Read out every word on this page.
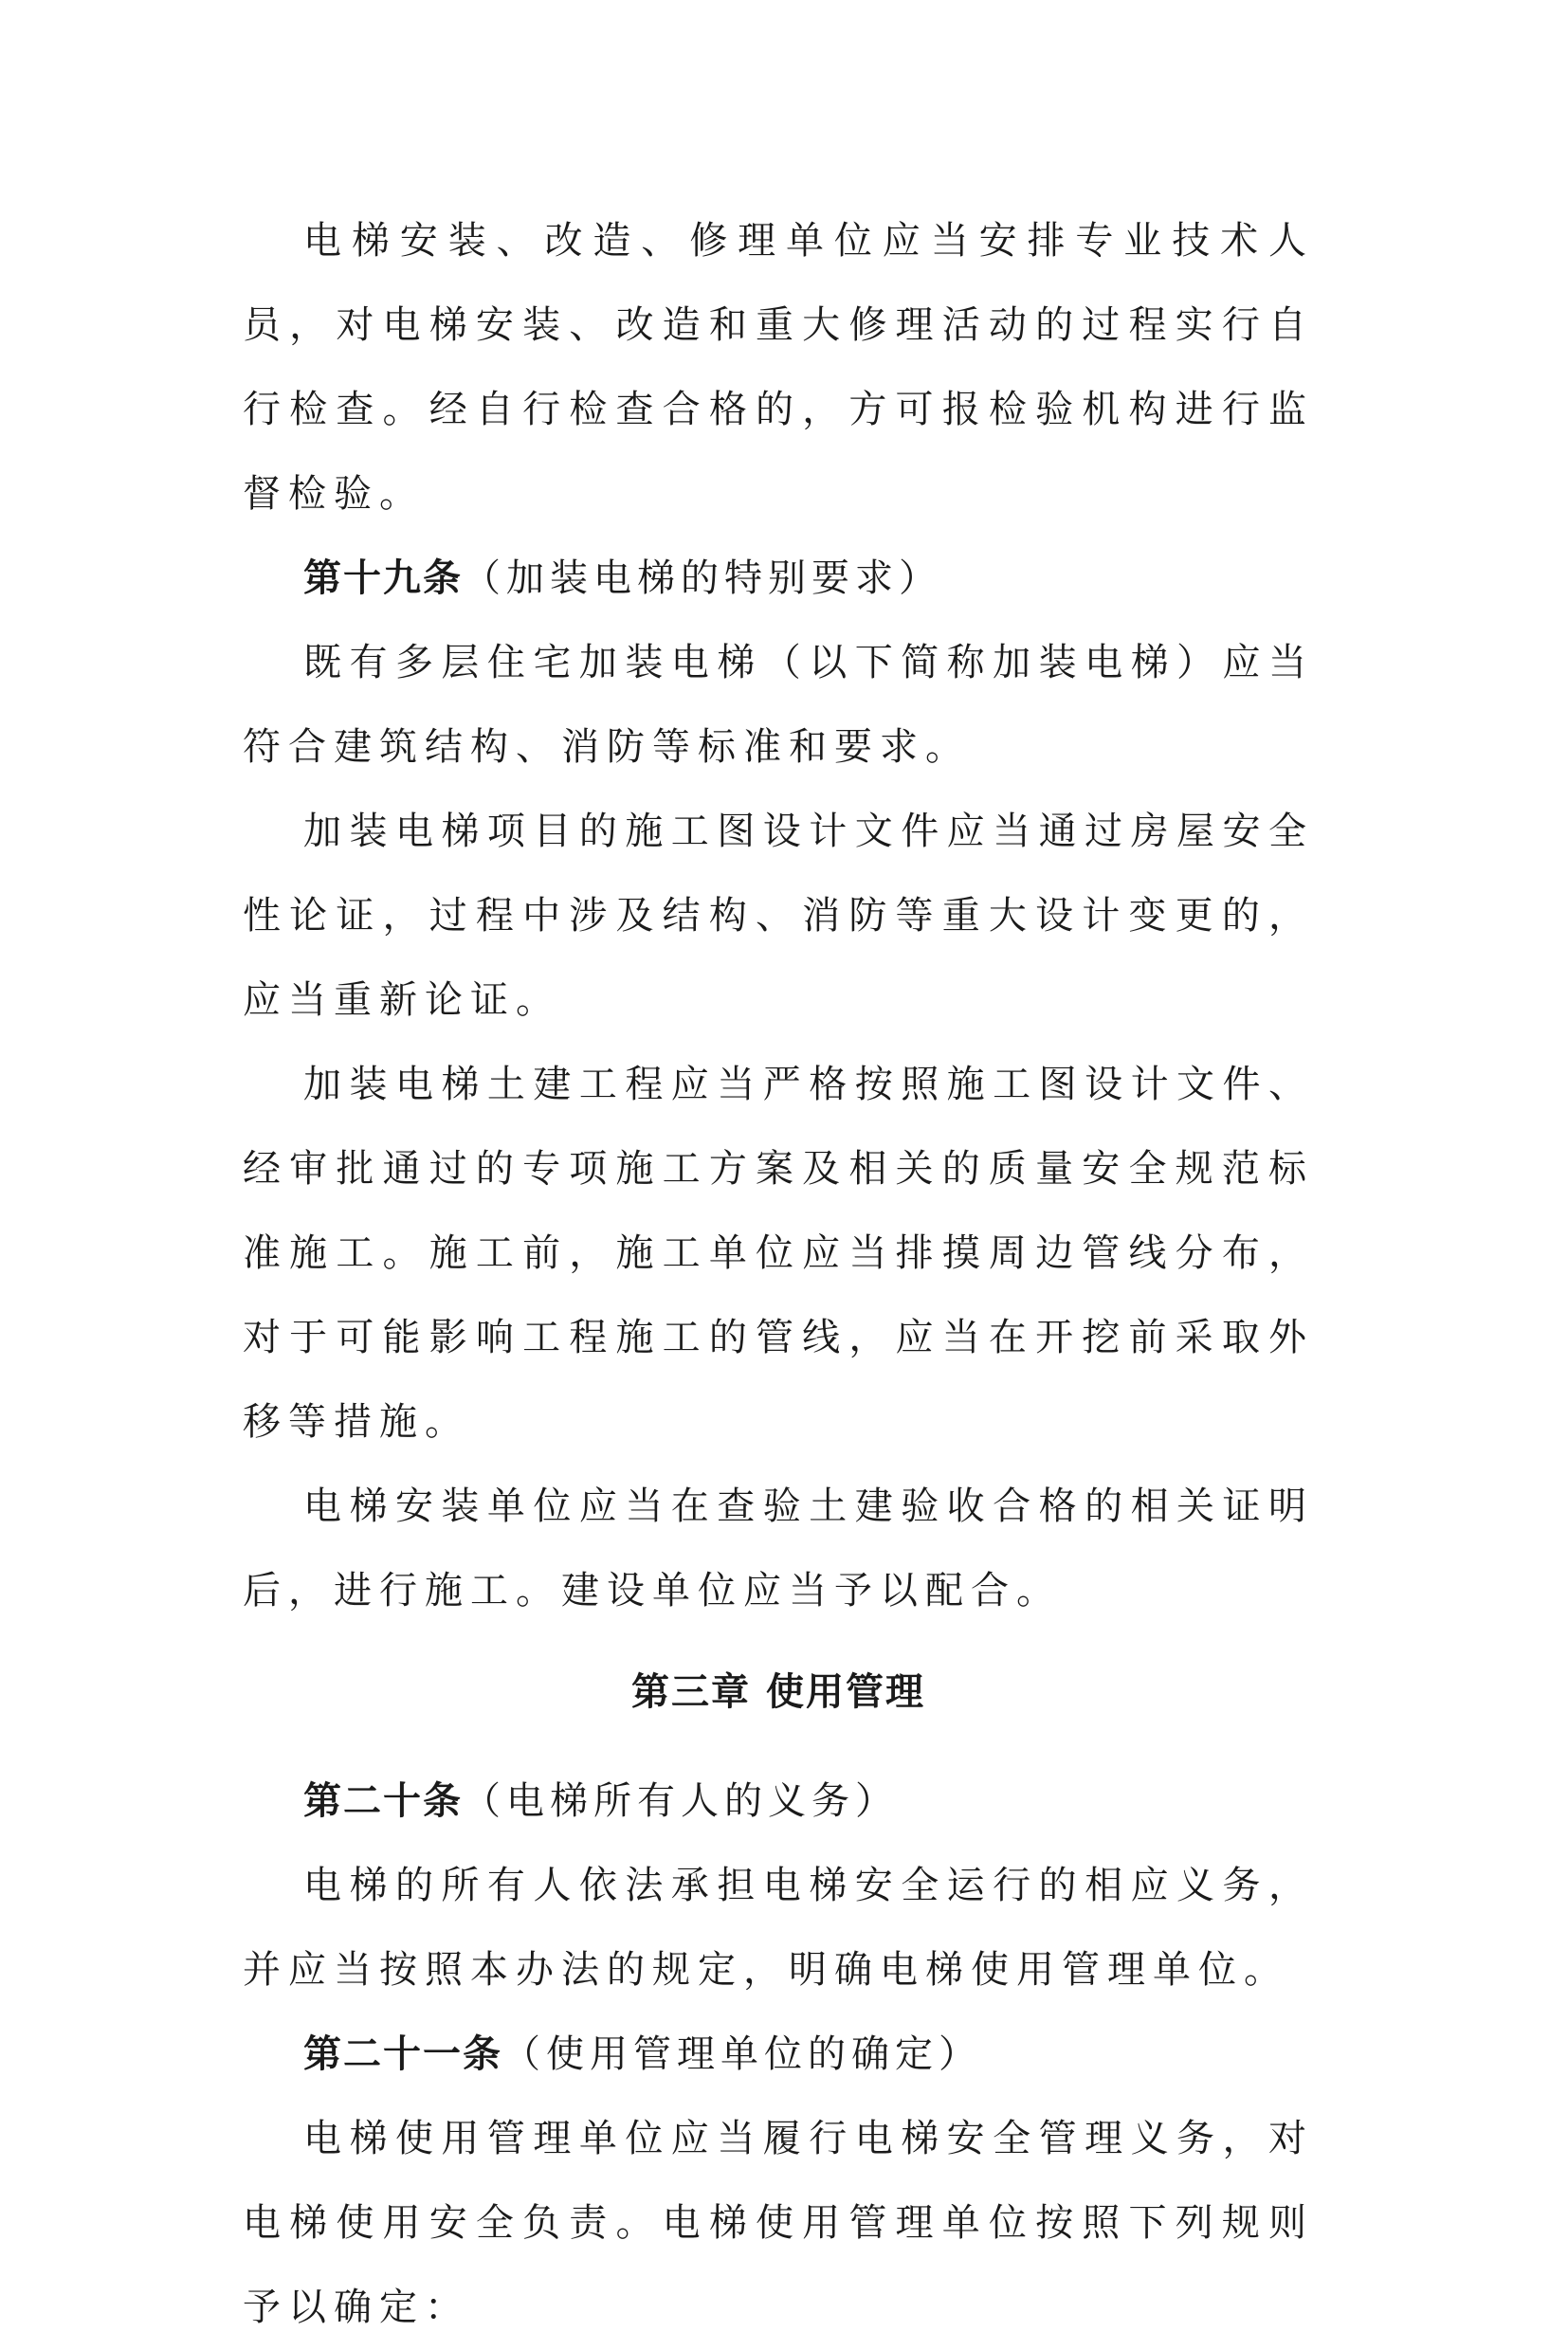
电梯安装、改造、修理单位应当安排专业技术人员，对电梯安装、改造和重大修理活动的过程实行自行检查。经自行检查合格的，方可报检验机构进行监督检验。

第十九条（加装电梯的特别要求）

既有多层住宅加装电梯（以下简称加装电梯）应当符合建筑结构、消防等标准和要求。

加装电梯项目的施工图设计文件应当通过房屋安全性论证，过程中涉及结构、消防等重大设计变更的，应当重新论证。

加装电梯土建工程应当严格按照施工图设计文件、经审批通过的专项施工方案及相关的质量安全规范标准施工。施工前，施工单位应当排摸周边管线分布，对于可能影响工程施工的管线，应当在开挖前采取外移等措施。

电梯安装单位应当在查验土建验收合格的相关证明后，进行施工。建设单位应当予以配合。

第三章 使用管理

第二十条（电梯所有人的义务）

电梯的所有人依法承担电梯安全运行的相应义务，并应当按照本办法的规定，明确电梯使用管理单位。

第二十一条（使用管理单位的确定）

电梯使用管理单位应当履行电梯安全管理义务，对电梯使用安全负责。电梯使用管理单位按照下列规则予以确定：
